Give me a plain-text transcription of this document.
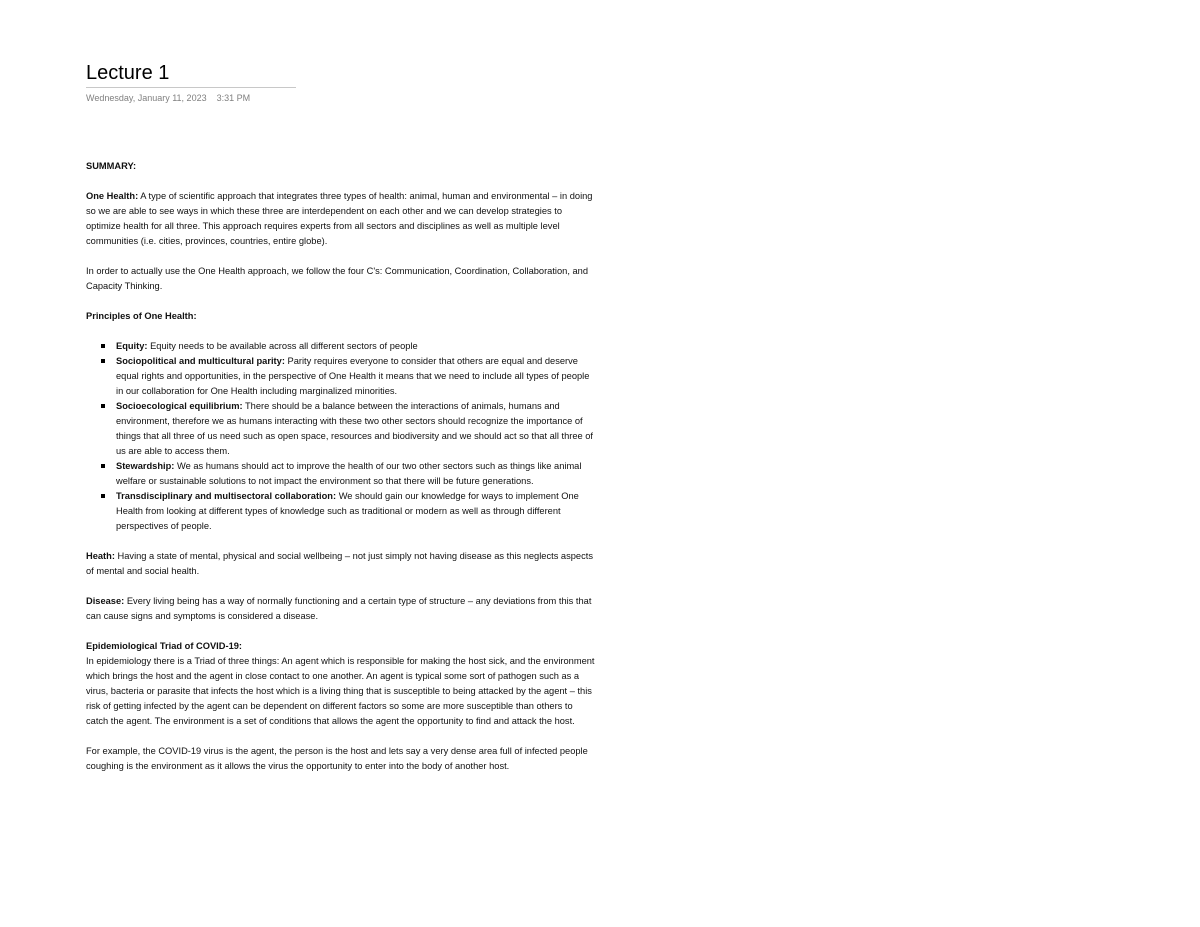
Lecture 1
Wednesday, January 11, 2023 3:31 PM

SUMMARY:

One Health: A type of scientific approach that integrates three types of health: animal, human and environmental – in doing so we are able to see ways in which these three are interdependent on each other and we can develop strategies to optimize health for all three. This approach requires experts from all sectors and disciplines as well as multiple level communities (i.e. cities, provinces, countries, entire globe).

In order to actually use the One Health approach, we follow the four C's: Communication, Coordination, Collaboration, and Capacity Thinking.

Principles of One Health:

Equity: Equity needs to be available across all different sectors of people
Sociopolitical and multicultural parity: Parity requires everyone to consider that others are equal and deserve equal rights and opportunities, in the perspective of One Health it means that we need to include all types of people in our collaboration for One Health including marginalized minorities.
Socioecological equilibrium: There should be a balance between the interactions of animals, humans and environment, therefore we as humans interacting with these two other sectors should recognize the importance of things that all three of us need such as open space, resources and biodiversity and we should act so that all three of us are able to access them.
Stewardship: We as humans should act to improve the health of our two other sectors such as things like animal welfare or sustainable solutions to not impact the environment so that there will be future generations.
Transdisciplinary and multisectoral collaboration: We should gain our knowledge for ways to implement One Health from looking at different types of knowledge such as traditional or modern as well as through different perspectives of people.

Heath: Having a state of mental, physical and social wellbeing – not just simply not having disease as this neglects aspects of mental and social health.

Disease: Every living being has a way of normally functioning and a certain type of structure – any deviations from this that can cause signs and symptoms is considered a disease.

Epidemiological Triad of COVID-19:
In epidemiology there is a Triad of three things: An agent which is responsible for making the host sick, and the environment which brings the host and the agent in close contact to one another. An agent is typical some sort of pathogen such as a virus, bacteria or parasite that infects the host which is a living thing that is susceptible to being attacked by the agent – this risk of getting infected by the agent can be dependent on different factors so some are more susceptible than others to catch the agent. The environment is a set of conditions that allows the agent the opportunity to find and attack the host.

For example, the COVID-19 virus is the agent, the person is the host and lets say a very dense area full of infected people coughing is the environment as it allows the virus the opportunity to enter into the body of another host.
